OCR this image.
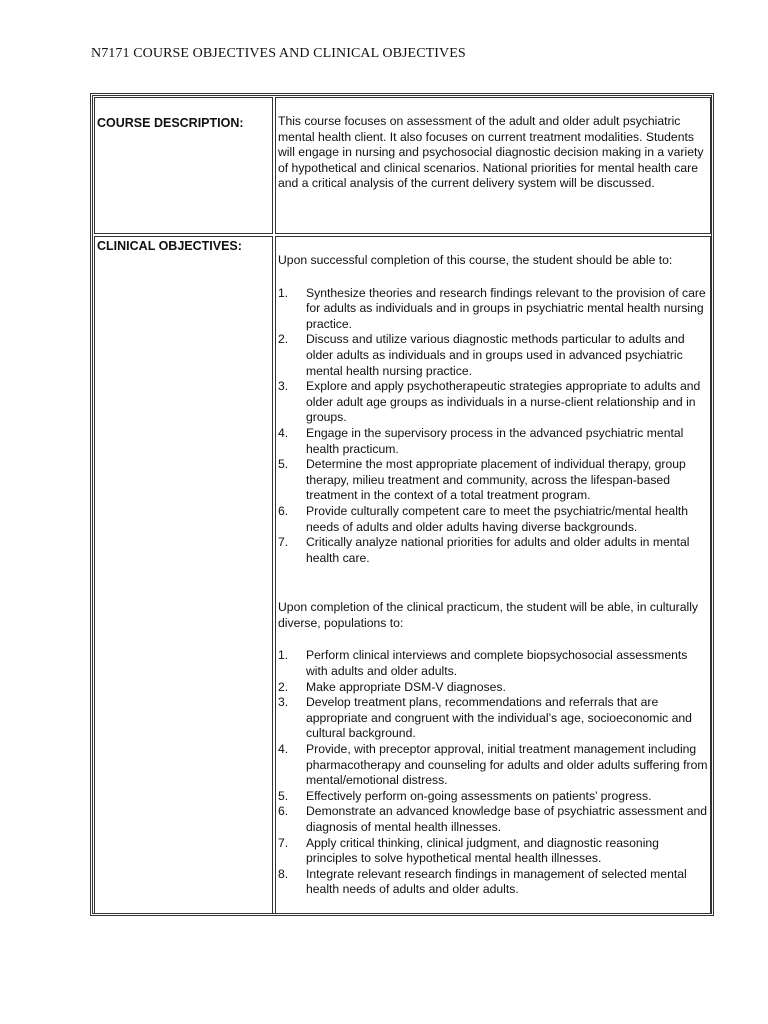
N7171 COURSE OBJECTIVES AND CLINICAL OBJECTIVES
COURSE DESCRIPTION:	This course focuses on assessment of the adult and older adult psychiatric mental health client. It also focuses on current treatment modalities. Students will engage in nursing and psychosocial diagnostic decision making in a variety of hypothetical and clinical scenarios. National priorities for mental health care and a critical analysis of the current delivery system will be discussed.

CLINICAL OBJECTIVES:

Upon successful completion of this course, the student should be able to:

1. Synthesize theories and research findings relevant to the provision of care for adults as individuals and in groups in psychiatric mental health nursing practice.
2. Discuss and utilize various diagnostic methods particular to adults and older adults as individuals and in groups used in advanced psychiatric mental health nursing practice.
3. Explore and apply psychotherapeutic strategies appropriate to adults and older adult age groups as individuals in a nurse-client relationship and in groups.
4. Engage in the supervisory process in the advanced psychiatric mental health practicum.
5. Determine the most appropriate placement of individual therapy, group therapy, milieu treatment and community, across the lifespan-based treatment in the context of a total treatment program.
6. Provide culturally competent care to meet the psychiatric/mental health needs of adults and older adults having diverse backgrounds.
7. Critically analyze national priorities for adults and older adults in mental health care.

Upon completion of the clinical practicum, the student will be able, in culturally diverse, populations to:

1. Perform clinical interviews and complete biopsychosocial assessments with adults and older adults.
2. Make appropriate DSM-V diagnoses.
3. Develop treatment plans, recommendations and referrals that are appropriate and congruent with the individual’s age, socioeconomic and cultural background.
4. Provide, with preceptor approval, initial treatment management including pharmacotherapy and counseling for adults and older adults suffering from mental/emotional distress.
5. Effectively perform on-going assessments on patients’ progress.
6. Demonstrate an advanced knowledge base of psychiatric assessment and diagnosis of mental health illnesses.
7. Apply critical thinking, clinical judgment, and diagnostic reasoning principles to solve hypothetical mental health illnesses.
8. Integrate relevant research findings in management of selected mental health needs of adults and older adults.
